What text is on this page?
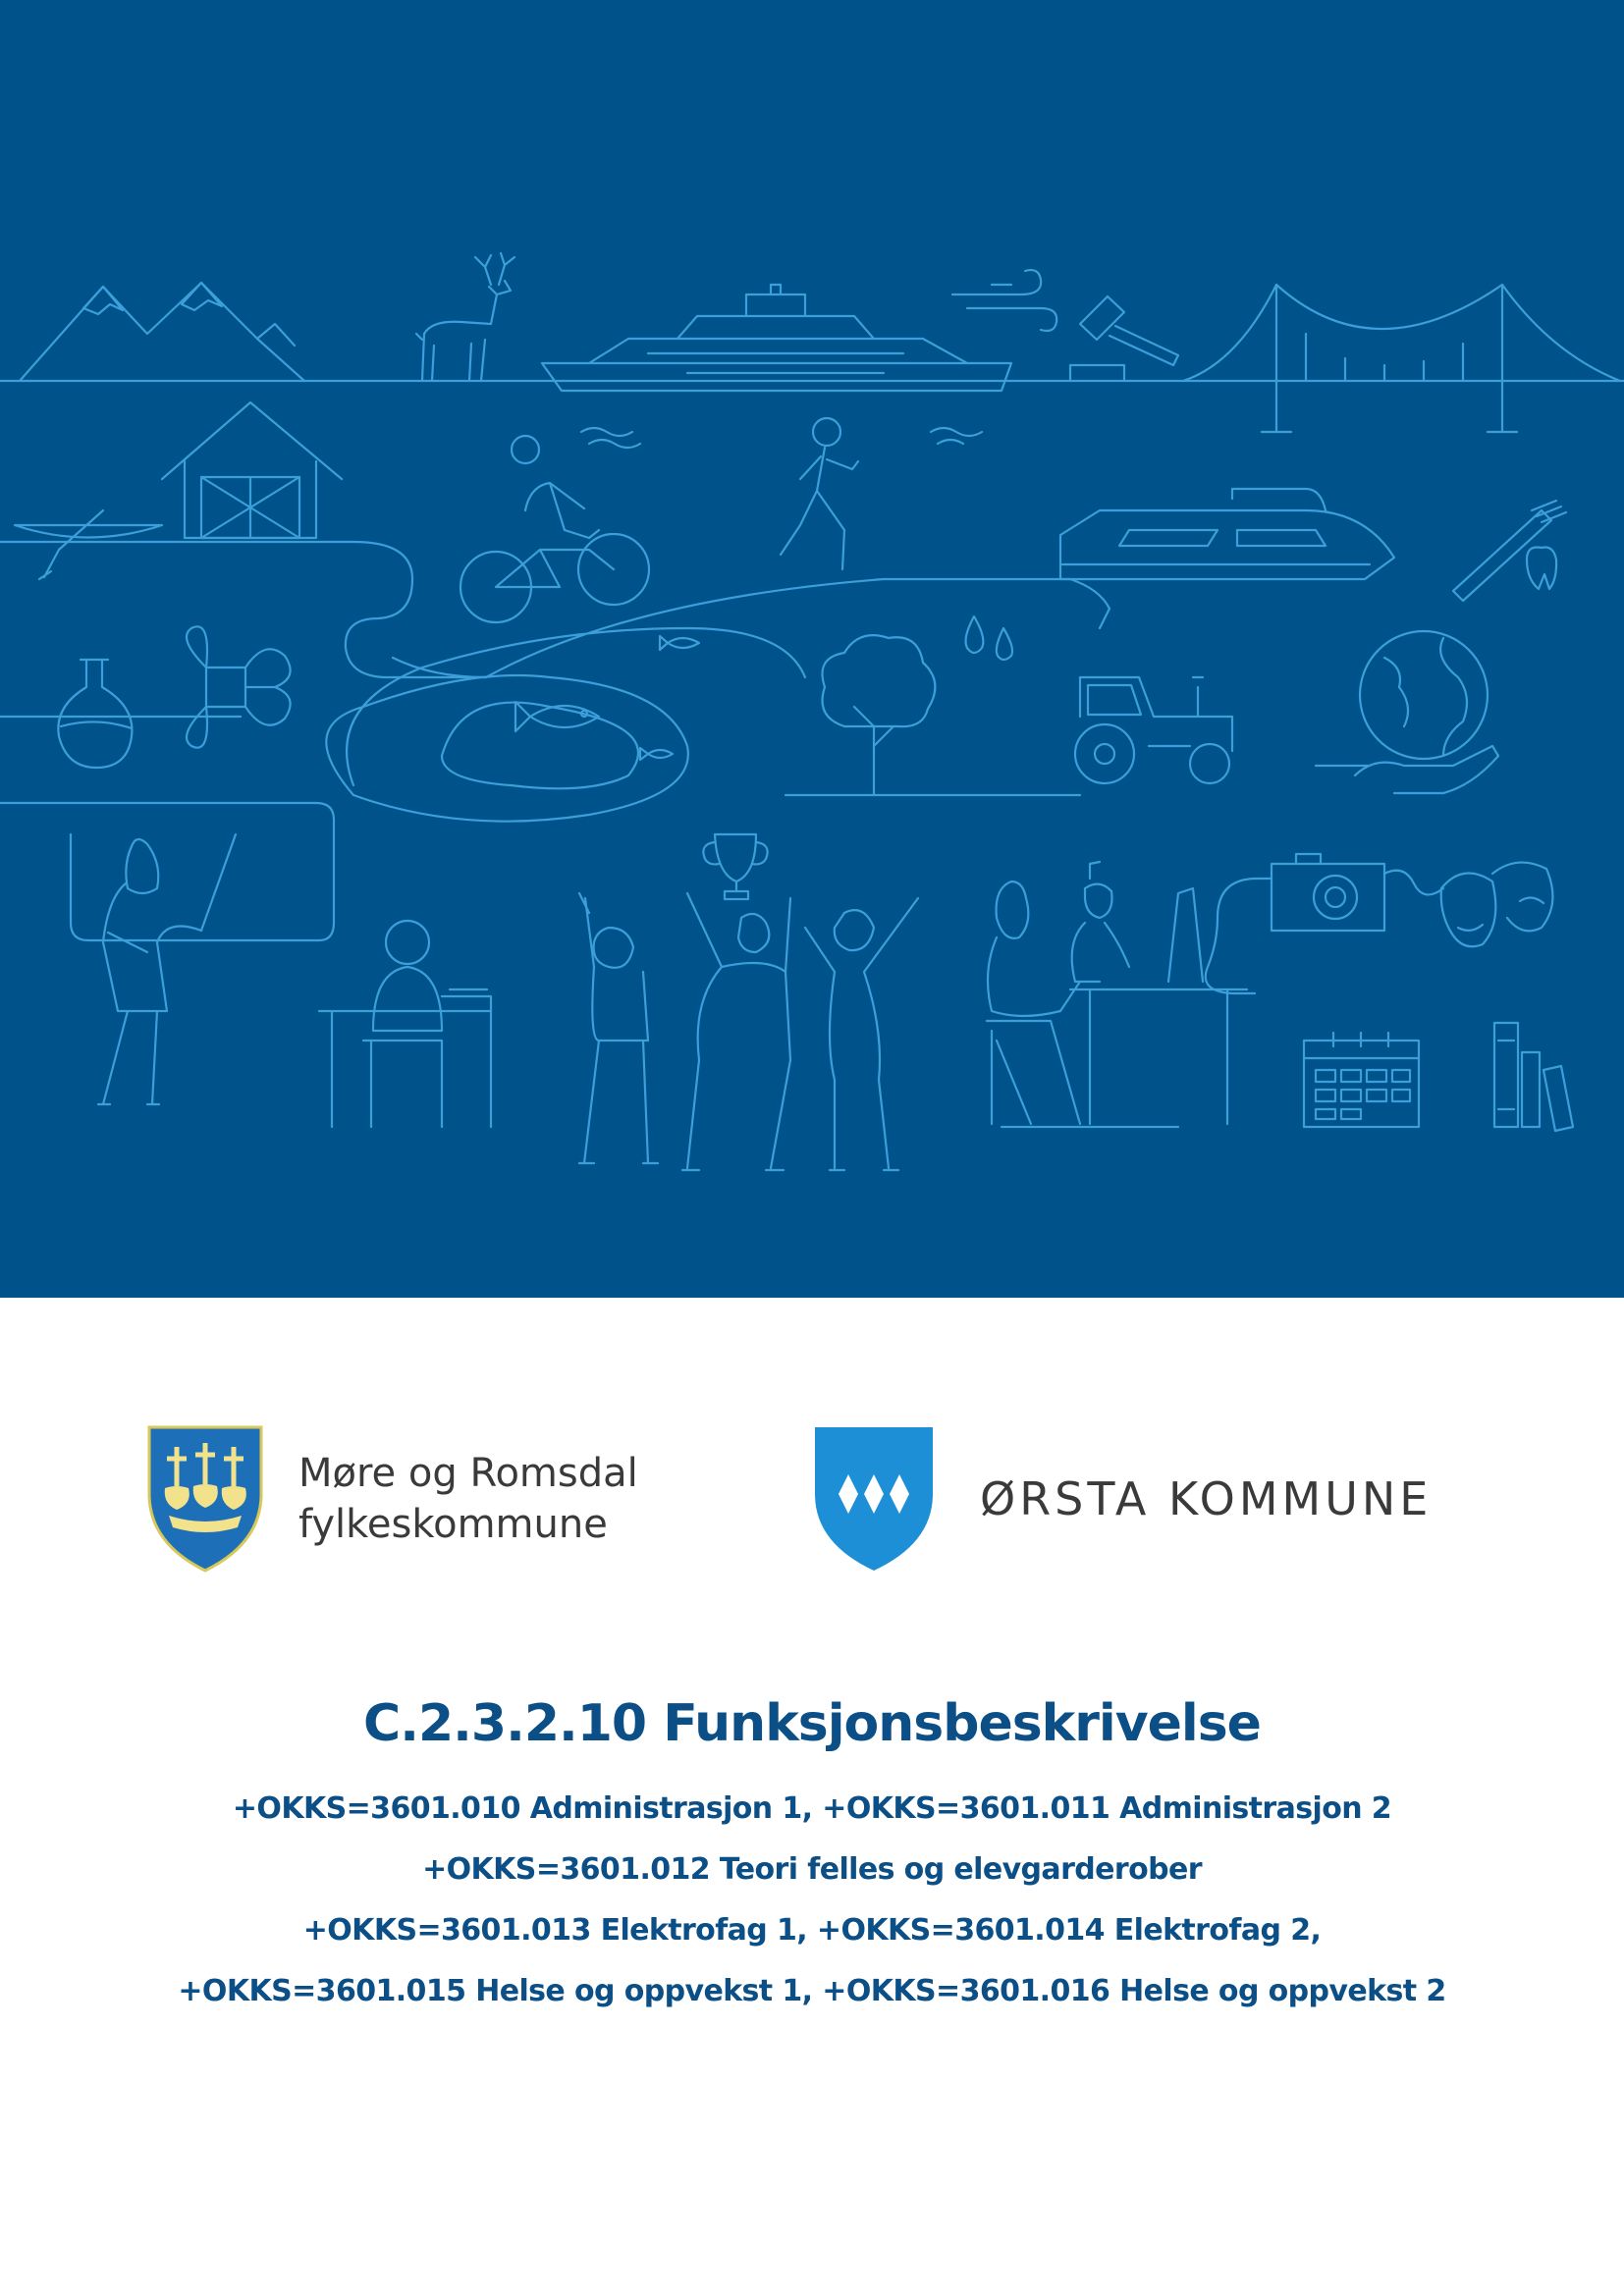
Møre og Romsdal
fylkeskommune	ØRSTA KOMMUNE
C.2.3.2.10 Funksjonsbeskrivelse
+OKKS=3601.010 Administrasjon 1, +OKKS=3601.011 Administrasjon 2
+OKKS=3601.012 Teori felles og elevgarderober
+OKKS=3601.013 Elektrofag 1, +OKKS=3601.014 Elektrofag 2,
+OKKS=3601.015 Helse og oppvekst 1, +OKKS=3601.016 Helse og oppvekst 2
